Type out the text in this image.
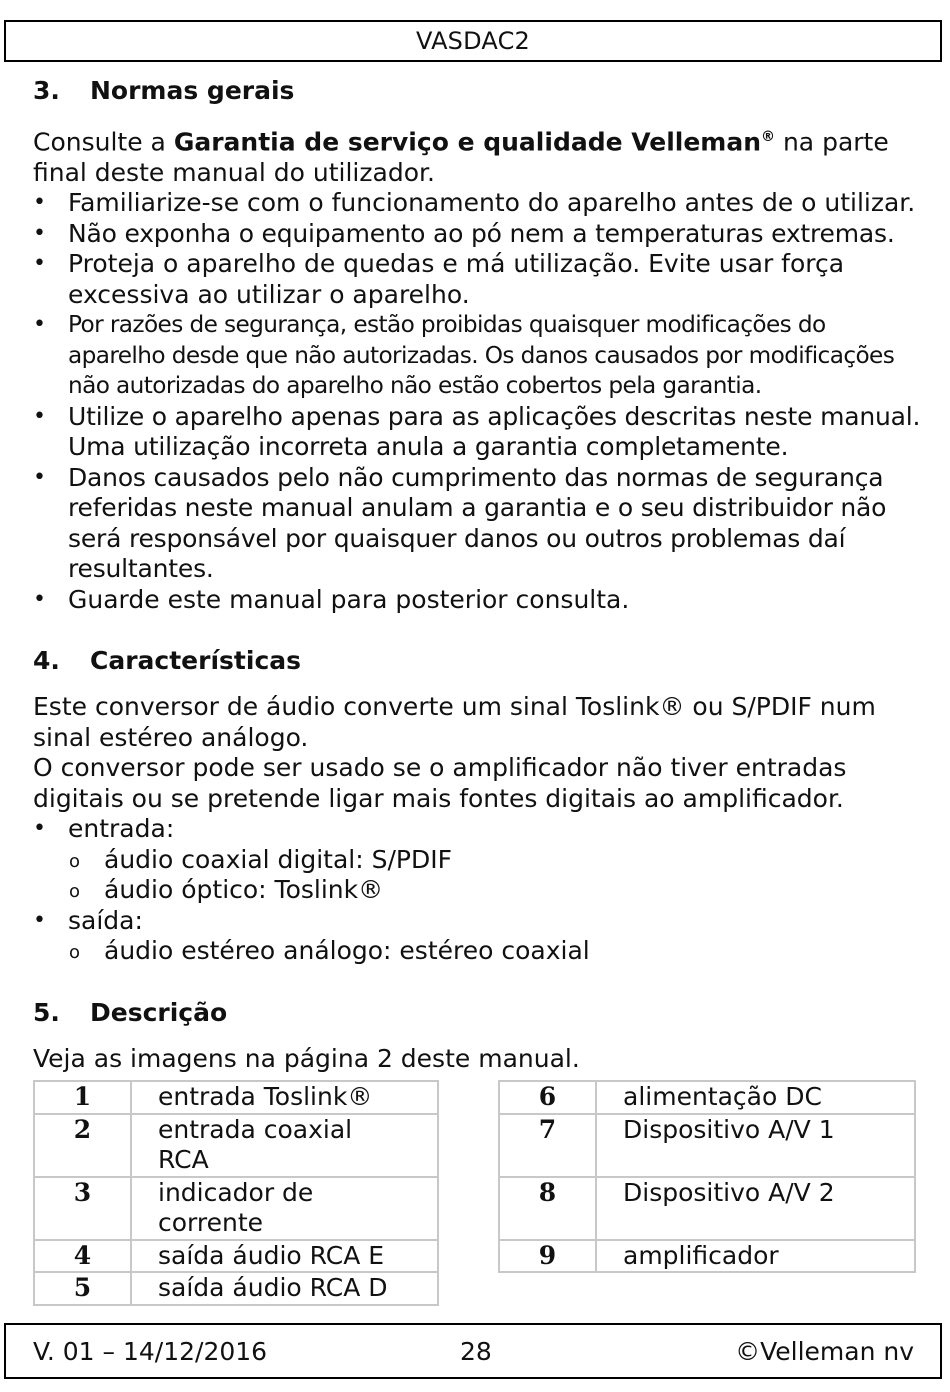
VASDAC2
3.	Normas gerais

Consulte a Garantia de serviço e qualidade Velleman® na parte final deste manual do utilizador.

• Familiarize-se com o funcionamento do aparelho antes de o utilizar.
• Não exponha o equipamento ao pó nem a temperaturas extremas.
• Proteja o aparelho de quedas e má utilização. Evite usar força excessiva ao utilizar o aparelho.
• Por razões de segurança, estão proibidas quaisquer modificações do aparelho desde que não autorizadas. Os danos causados por modificações não autorizadas do aparelho não estão cobertos pela garantia.
• Utilize o aparelho apenas para as aplicações descritas neste manual. Uma utilização incorreta anula a garantia completamente.
• Danos causados pelo não cumprimento das normas de segurança referidas neste manual anulam a garantia e o seu distribuidor não será responsável por quaisquer danos ou outros problemas daí resultantes.
• Guarde este manual para posterior consulta.
4.	Características

Este conversor de áudio converte um sinal Toslink® ou S/PDIF num sinal estéreo análogo.

O conversor pode ser usado se o amplificador não tiver entradas digitais ou se pretende ligar mais fontes digitais ao amplificador.

• entrada:
o áudio coaxial digital: S/PDIF
o áudio óptico: Toslink®
• saída:
o áudio estéreo análogo: estéreo coaxial
5.	Descrição

Veja as imagens na página 2 deste manual.

1	entrada Toslink®
2	entrada coaxial RCA
3	indicador de corrente
4	saída áudio RCA E
5	saída áudio RCA D
6	alimentação DC
7	Dispositivo A/V 1
8	Dispositivo A/V 2
9	amplificador
V. 01 – 14/12/2016	28	©Velleman nv
